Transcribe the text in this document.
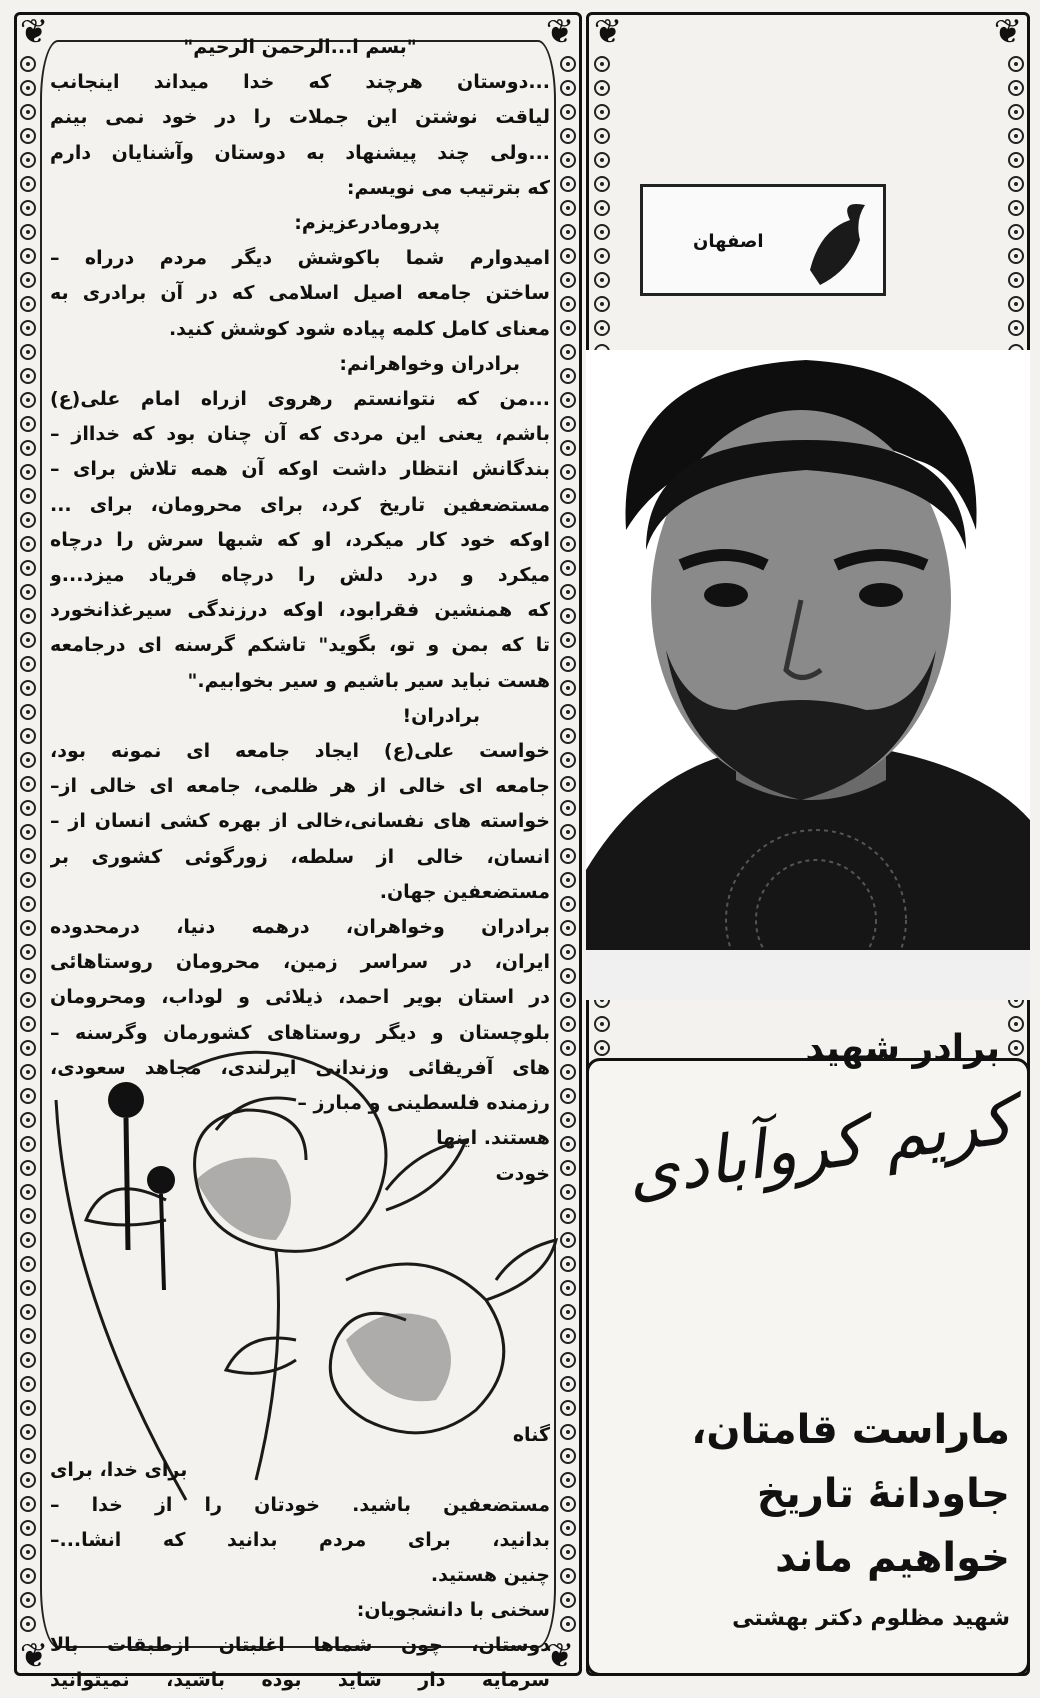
❦	❦
❦	❦
❦	❦

"بسم ا...الرحمن الرحيم"

...دوستان هرچند که خدا میداند اینجانب

لیاقت نوشتن این جملات را در خود نمی بینم

...ولی چند پیشنهاد به دوستان وآشنایان دارم

که بترتیب می نویسم:

پدرومادرعزیزم:

امیدوارم شما باکوشش دیگر مردم درراه –

ساختن جامعه اصیل اسلامی که در آن برادری به

معنای کامل کلمه پیاده شود کوشش کنید.

برادران وخواهرانم:

...من که نتوانستم رهروی ازراه امام علی(ع)

باشم، یعنی این مردی که آن چنان بود که خدااز –

بندگانش انتظار داشت اوکه آن همه تلاش برای –

مستضعفین تاریخ کرد، برای محرومان، برای ...

اوکه خود کار میکرد، او که شبها سرش را درچاه

میکرد و درد دلش را درچاه فریاد میزد...و

که همنشین فقرابود، اوکه درزندگی سیرغذانخورد

تا که بمن و تو، بگوید" تاشکم گرسنه ای درجامعه

هست نباید سیر باشیم و سیر بخوابیم."

برادران!

خواست علی(ع) ایجاد جامعه ای نمونه بود،

جامعه ای خالی از هر ظلمی، جامعه ای خالی از–

خواسته های نفسانی،خالی از بهره کشی انسان از –

انسان، خالی از سلطه، زورگوئی کشوری بر

مستضعفین جهان.

برادران وخواهران، درهمه دنیا، درمحدوده

ایران، در سراسر زمین، محرومان روستاهائی

در استان بویر احمد، ذیلائی و لوداب، ومحرومان

بلوچستان و دیگر روستاهای کشورمان وگرسنه –

های آفریقائی وزندانی ایرلندی، مجاهد سعودی،

رزمنده فلسطینی و مبارز –

هستند. اینها

خودت

گناه

برای خدا، برای

مستضعفین باشید. خودتان را از خدا –

بدانید، برای مردم بدانید که انشا...–

چنین هستید.

سخنی با دانشجویان:

دوستان، چون شماها اغلبتان ازطبقات بالا

سرمایه دار شاید بوده باشید، نمیتوانید

اصفهان
برادر شهید
کریم کروآبادی
ماراست قامتان،
جاودانهٔ تاریخ
خواهیم ماند
شهید مظلوم دکتر بهشتی
